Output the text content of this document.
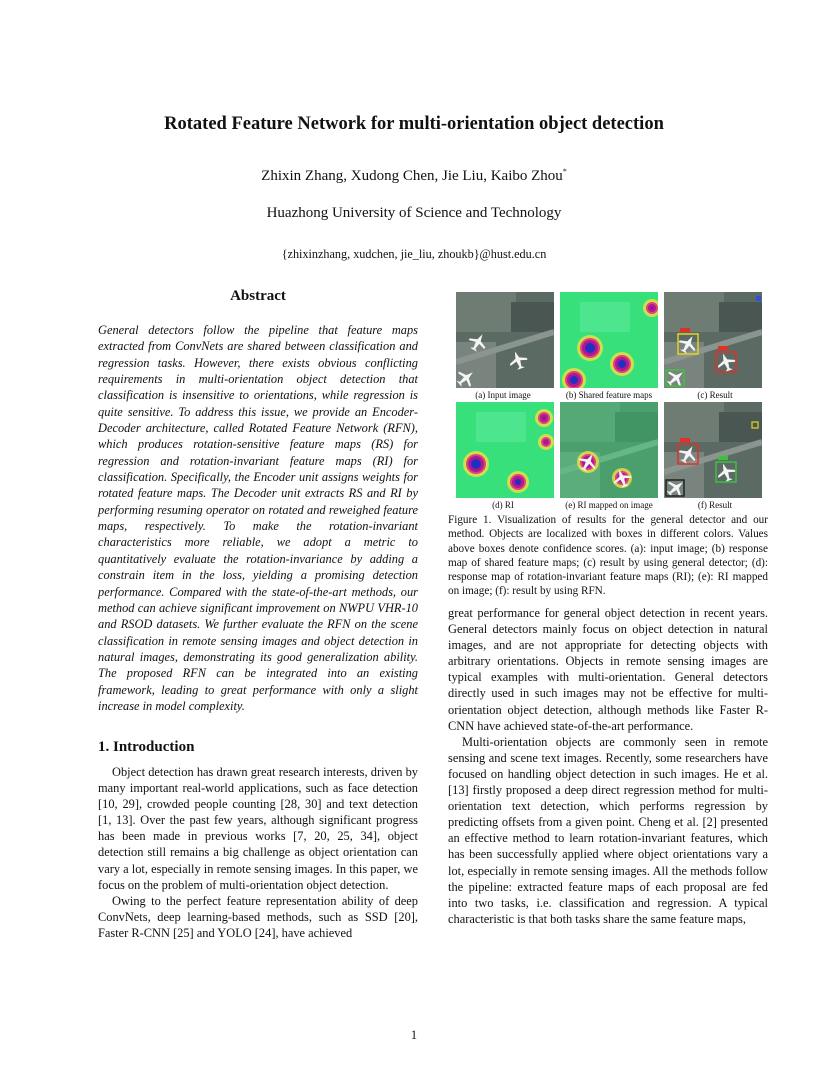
Rotated Feature Network for multi-orientation object detection
Zhixin Zhang, Xudong Chen, Jie Liu, Kaibo Zhou*
Huazhong University of Science and Technology
{zhixinzhang, xudchen, jie_liu, zhoukb}@hust.edu.cn
Abstract
General detectors follow the pipeline that feature maps extracted from ConvNets are shared between classification and regression tasks. However, there exists obvious conflicting requirements in multi-orientation object detection that classification is insensitive to orientations, while regression is quite sensitive. To address this issue, we provide an Encoder-Decoder architecture, called Rotated Feature Network (RFN), which produces rotation-sensitive feature maps (RS) for regression and rotation-invariant feature maps (RI) for classification. Specifically, the Encoder unit assigns weights for rotated feature maps. The Decoder unit extracts RS and RI by performing resuming operator on rotated and reweighed feature maps, respectively. To make the rotation-invariant characteristics more reliable, we adopt a metric to quantitatively evaluate the rotation-invariance by adding a constrain item in the loss, yielding a promising detection performance. Compared with the state-of-the-art methods, our method can achieve significant improvement on NWPU VHR-10 and RSOD datasets. We further evaluate the RFN on the scene classification in remote sensing images and object detection in natural images, demonstrating its good generalization ability. The proposed RFN can be integrated into an existing framework, leading to great performance with only a slight increase in model complexity.
1. Introduction

Object detection has drawn great research interests, driven by many important real-world applications, such as face detection [10, 29], crowded people counting [28, 30] and text detection [1, 13]. Over the past few years, although significant progress has been made in previous works [7, 20, 25, 34], object detection still remains a big challenge as object orientation can vary a lot, especially in remote sensing images. In this paper, we focus on the problem of multi-orientation object detection.

Owing to the perfect feature representation ability of deep ConvNets, deep learning-based methods, such as SSD [20], Faster R-CNN [25] and YOLO [24], have achieved

(a) Input image	(b) Shared feature maps	(c) Result
(d) RI	(e) RI mapped on image	(f) Result
Figure 1. Visualization of results for the general detector and our method. Objects are localized with boxes in different colors. Values above boxes denote confidence scores. (a): input image; (b) response map of shared feature maps; (c) result by using general detector; (d): response map of rotation-invariant feature maps (RI); (e): RI mapped on image; (f): result by using RFN.

great performance for general object detection in recent years. General detectors mainly focus on object detection in natural images, and are not appropriate for detecting objects with arbitrary orientations. Objects in remote sensing images are typical examples with multi-orientation. General detectors directly used in such images may not be effective for multi-orientation object detection, although methods like Faster R-CNN have achieved state-of-the-art performance.

Multi-orientation objects are commonly seen in remote sensing and scene text images. Recently, some researchers have focused on handling object detection in such images. He et al. [13] firstly proposed a deep direct regression method for multi-orientation text detection, which performs regression by predicting offsets from a given point. Cheng et al. [2] presented an effective method to learn rotation-invariant features, which has been successfully applied where object orientations vary a lot, especially in remote sensing images. All the methods follow the pipeline: extracted feature maps of each proposal are fed into two tasks, i.e. classification and regression. A typical characteristic is that both tasks share the same feature maps,

1
